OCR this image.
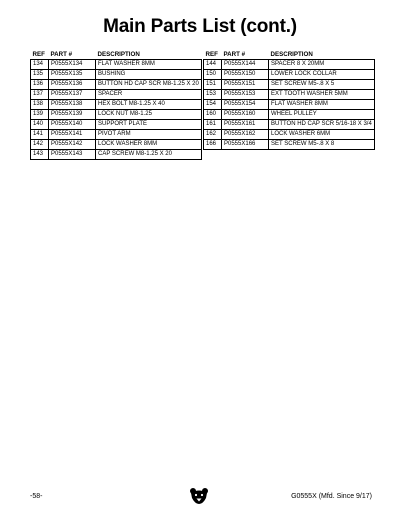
Main Parts List (cont.)
REF	PART #	DESCRIPTION
134	P0555X134	FLAT WASHER 8MM
135	P0555X135	BUSHING
136	P0555X136	BUTTON HD CAP SCR M8-1.25 X 20
137	P0555X137	SPACER
138	P0555X138	HEX BOLT M8-1.25 X 40
139	P0555X139	LOCK NUT M8-1.25
140	P0555X140	SUPPORT PLATE
141	P0555X141	PIVOT ARM
142	P0555X142	LOCK WASHER 8MM
143	P0555X143	CAP SCREW M8-1.25 X 20
REF	PART #	DESCRIPTION
144	P0555X144	SPACER 8 X 20MM
150	P0555X150	LOWER LOCK COLLAR
151	P0555X151	SET SCREW M5-.8 X 5
153	P0555X153	EXT TOOTH WASHER 5MM
154	P0555X154	FLAT WASHER 8MM
160	P0555X160	WHEEL PULLEY
161	P0555X161	BUTTON HD CAP SCR 5/16-18 X 3/4
162	P0555X162	LOCK WASHER 6MM
166	P0555X166	SET SCREW M5-.8 X 8
-58-	G0555X (Mfd. Since 9/17)
